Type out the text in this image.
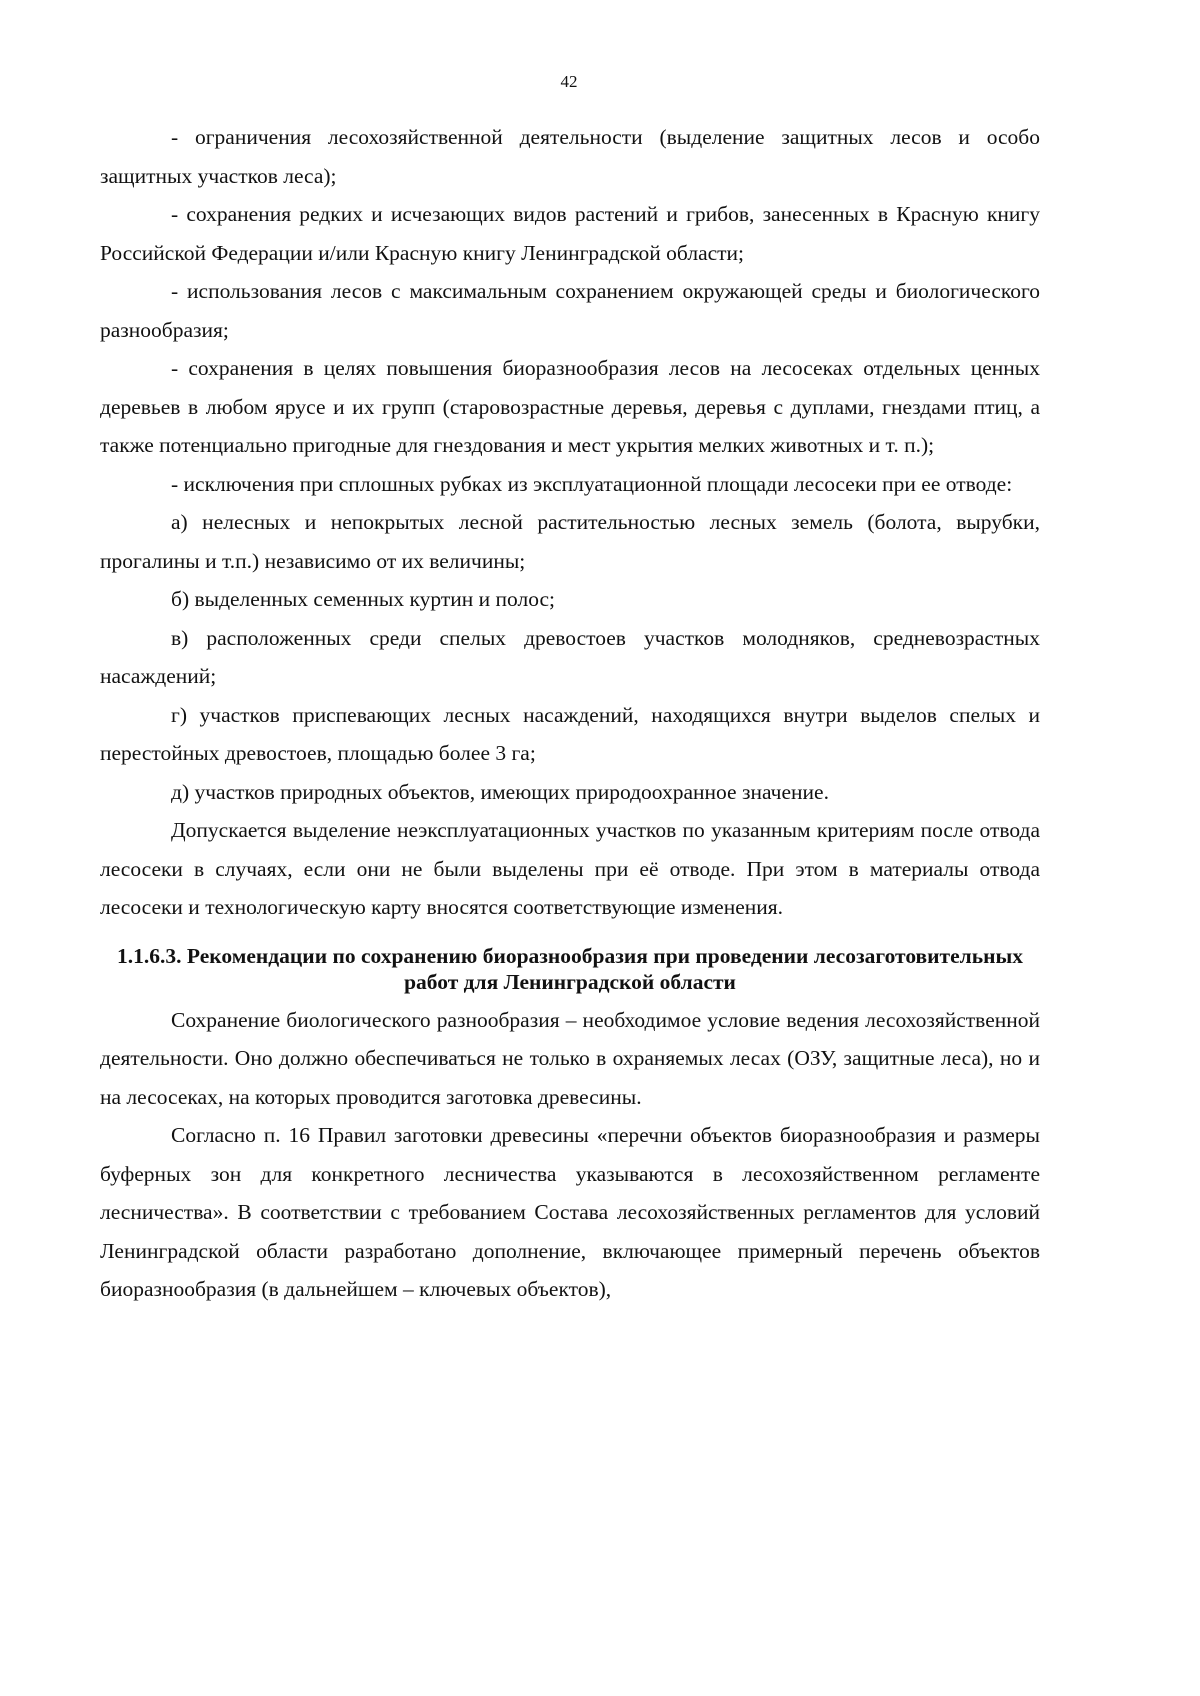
42

- ограничения лесохозяйственной деятельности (выделение защитных лесов и особо защитных участков леса);

- сохранения редких и исчезающих видов растений и грибов, занесенных в Красную книгу Российской Федерации и/или Красную книгу Ленинградской области;

- использования лесов с максимальным сохранением окружающей среды и биологического разнообразия;

- сохранения в целях повышения биоразнообразия лесов на лесосеках отдельных ценных деревьев в любом ярусе и их групп (старовозрастные деревья, деревья с дуплами, гнездами птиц, а также потенциально пригодные для гнездования и мест укрытия мелких животных и т. п.);

- исключения при сплошных рубках из эксплуатационной площади лесосеки при ее отводе:

а) нелесных и непокрытых лесной растительностью лесных земель (болота, вырубки, прогалины и т.п.) независимо от их величины;

б) выделенных семенных куртин и полос;

в) расположенных среди спелых древостоев участков молодняков, средневозрастных насаждений;

г) участков приспевающих лесных насаждений, находящихся внутри выделов спелых и перестойных древостоев, площадью более 3 га;

д) участков природных объектов, имеющих природоохранное значение.

Допускается выделение неэксплуатационных участков по указанным критериям после отвода лесосеки в случаях, если они не были выделены при её отводе. При этом в материалы отвода лесосеки и технологическую карту вносятся соответствующие изменения.

1.1.6.3. Рекомендации по сохранению биоразнообразия при проведении лесозаготовительных работ для Ленинградской области

Сохранение биологического разнообразия – необходимое условие ведения лесохозяйственной деятельности. Оно должно обеспечиваться не только в охраняемых лесах (ОЗУ, защитные леса), но и на лесосеках, на которых проводится заготовка древесины.

Согласно п. 16 Правил заготовки древесины «перечни объектов биоразнообразия и размеры буферных зон для конкретного лесничества указываются в лесохозяйственном регламенте лесничества». В соответствии с требованием Состава лесохозяйственных регламентов для условий Ленинградской области разработано дополнение, включающее примерный перечень объектов биоразнообразия (в дальнейшем – ключевых объектов),
